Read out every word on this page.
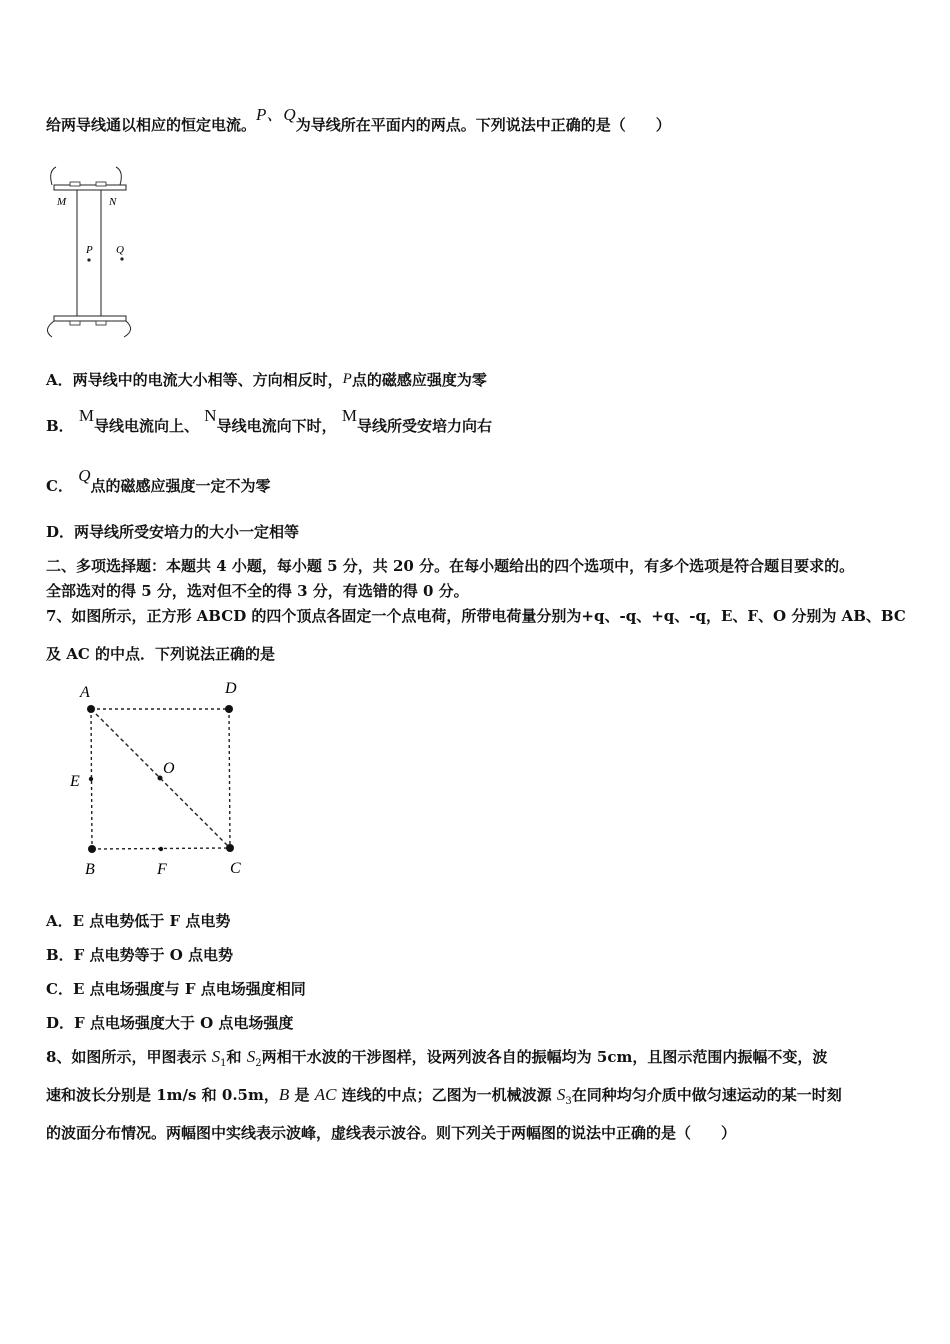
给两导线通以相应的恒定电流。P、Q为导线所在平面内的两点。下列说法中正确的是（　　）
M	N
P Q
A．两导线中的电流大小相等、方向相反时，P点的磁感应强度为零
B． M导线电流向上、 N导线电流向下时， M导线所受安培力向右
C． Q点的磁感应强度一定不为零
D．两导线所受安培力的大小一定相等
二、多项选择题：本题共 4 小题，每小题 5 分，共 20 分。在每小题给出的四个选项中，有多个选项是符合题目要求的。
全部选对的得 5 分，选对但不全的得 3 分，有选错的得 0 分。
7、如图所示，正方形 ABCD 的四个顶点各固定一个点电荷，所带电荷量分别为+q、-q、+q、-q，E、F、O 分别为 AB、BC
及 AC 的中点．下列说法正确的是
A	D
E
O
B	F	C
A．E 点电势低于 F 点电势
B．F 点电势等于 O 点电势
C．E 点电场强度与 F 点电场强度相同
D．F 点电场强度大于 O 点电场强度
8、如图所示，甲图表示 $S_1$和 $S_2$两相干水波的干涉图样，设两列波各自的振幅均为 5cm，且图示范围内振幅不变，波
速和波长分别是 1m/s 和 0.5m，B 是 AC 连线的中点；乙图为一机械波源 $S_3$在同种均匀介质中做匀速运动的某一时刻
的波面分布情况。两幅图中实线表示波峰，虚线表示波谷。则下列关于两幅图的说法中正确的是（　　）
